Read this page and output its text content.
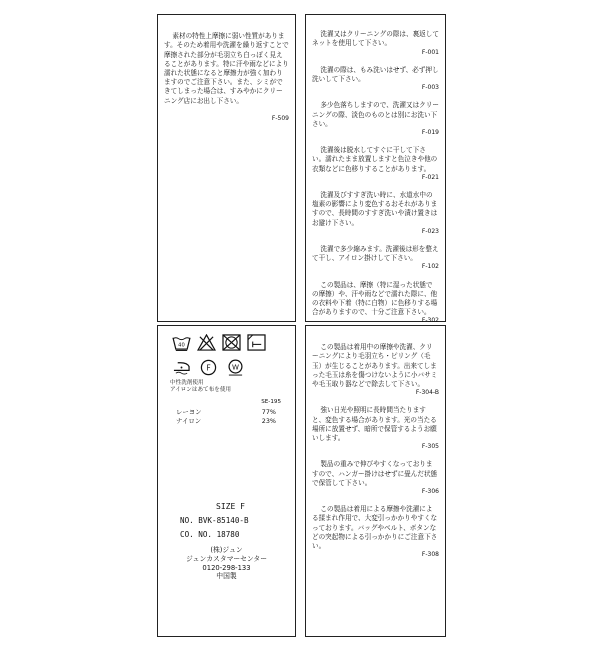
素材の特性上摩擦に弱い性質があります。そのため着用や洗濯を繰り返すことで摩擦された部分が毛羽立ち白っぽく見えることがあります。特に汗や雨などにより濡れた状態になると摩擦力が強く加わりますのでご注意下さい。また、シミができてしまった場合は、すみやかにクリーニング店にお出し下さい。

F-509

洗濯又はクリーニングの際は、裏返してネットを使用して下さい。
F-001

洗濯の際は、もみ洗いはせず、必ず押し洗いして下さい。
F-003

多少色落ちしますので、洗濯又はクリーニングの際、淡色のものとは別にお洗い下さい。
F-019

洗濯後は脱水してすぐに干して下さい。濡れたまま放置しますと色泣きや他の衣類などに色移りすることがあります。
F-021

洗濯及びすすぎ洗い時に、水道水中の塩素の影響により変色するおそれがありますので、長時間のすすぎ洗いや漬け置きはお避け下さい。
F-023

洗濯で多少縮みます。洗濯後は形を整えて干し、アイロン掛けして下さい。
F-102

この製品は、摩擦（特に湿った状態での摩擦）や、汗や雨などで濡れた際に、他の衣料や下着（特に白物）に色移りする場合がありますので、十分ご注意下さい。
F-302

40
F	W
中性洗剤使用
アイロンはあて布を使用
SE-195
レーヨン	77%
ナイロン	23%
SIZE F
NO. BVK-85140-B
CO. NO. 18780
(株)ジュン
ジュンカスタマーセンター
0120-298-133
中国製

この製品は着用中の摩擦や洗濯、クリーニングにより毛羽立ち・ピリング（毛玉）が生じることがあります。出来てしまった毛玉は糸を傷つけないように小バサミや毛玉取り器などで除去して下さい。
F-304-B

強い日光や照明に長時間当たりますと、変色する場合があります。光の当たる場所に放置せず、暗所で保管するようお願いします。
F-305

製品の重みで伸びやすくなっておりますので、ハンガー掛けはせずに畳んだ状態で保管して下さい。
F-306

この製品は着用による摩擦や洗濯による揉まれ作用で、大変引っかかりやすくなっております。バッグやベルト、ボタンなどの突起物による引っかかりにご注意下さい。
F-308
